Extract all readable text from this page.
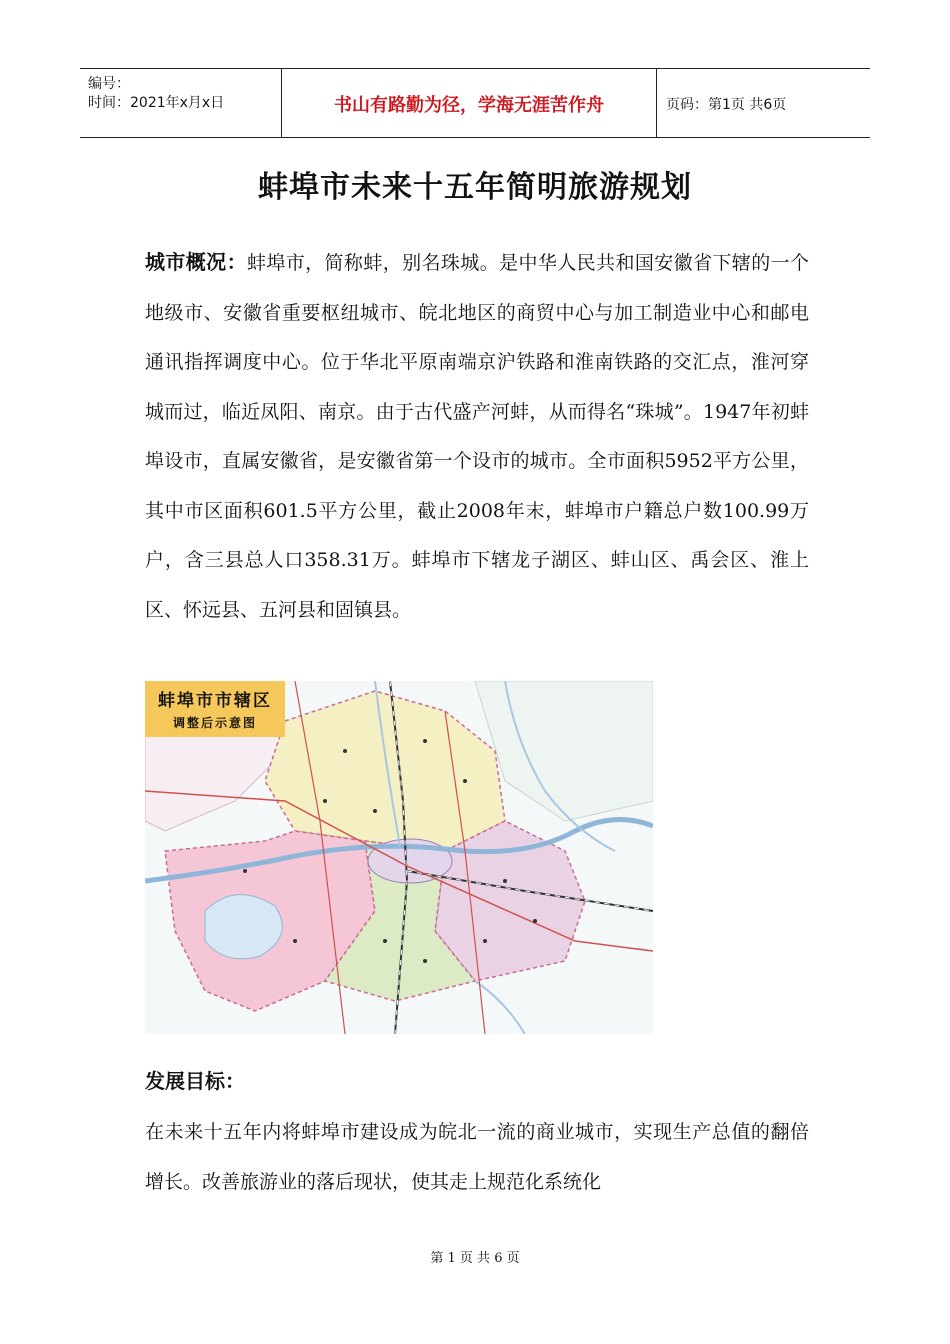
编号：
时间：2021年x月x日	书山有路勤为径，学海无涯苦作舟	页码：第1页 共6页
蚌埠市未来十五年简明旅游规划
城市概况：蚌埠市，简称蚌，别名珠城。是中华人民共和国安徽省下辖的一个地级市、安徽省重要枢纽城市、皖北地区的商贸中心与加工制造业中心和邮电通讯指挥调度中心。位于华北平原南端京沪铁路和淮南铁路的交汇点，淮河穿城而过，临近凤阳、南京。由于古代盛产河蚌，从而得名“珠城”。1947年初蚌埠设市，直属安徽省，是安徽省第一个设市的城市。全市面积5952平方公里，其中市区面积601.5平方公里，截止2008年末，蚌埠市户籍总户数100.99万户，含三县总人口358.31万。蚌埠市下辖龙子湖区、蚌山区、禹会区、淮上区、怀远县、五河县和固镇县。
蚌埠市市辖区
调整后示意图
发展目标：
在未来十五年内将蚌埠市建设成为皖北一流的商业城市，实现生产总值的翻倍增长。改善旅游业的落后现状，使其走上规范化系统化
第 1 页 共 6 页
